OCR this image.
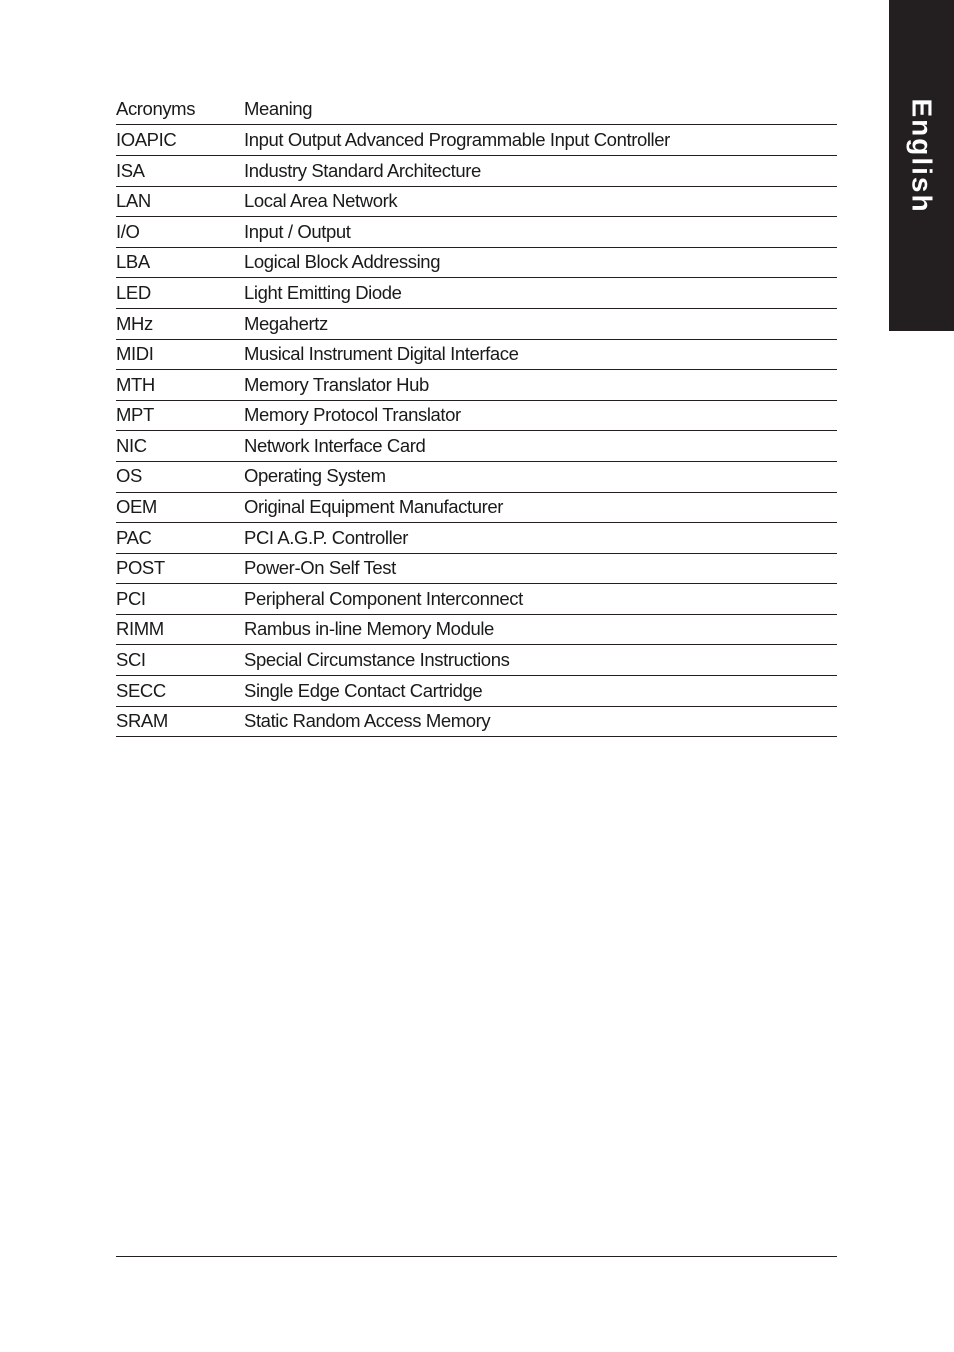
English
Acronyms	Meaning
IOAPIC	Input Output Advanced Programmable Input Controller
ISA	Industry Standard Architecture
LAN	Local Area Network
I/O	Input / Output
LBA	Logical Block Addressing
LED	Light Emitting Diode
MHz	Megahertz
MIDI	Musical Instrument Digital Interface
MTH	Memory Translator Hub
MPT	Memory Protocol Translator
NIC	Network Interface Card
OS	Operating System
OEM	Original Equipment Manufacturer
PAC	PCI A.G.P. Controller
POST	Power-On Self Test
PCI	Peripheral Component Interconnect
RIMM	Rambus in-line Memory Module
SCI	Special Circumstance Instructions
SECC	Single Edge Contact Cartridge
SRAM	Static Random Access Memory
